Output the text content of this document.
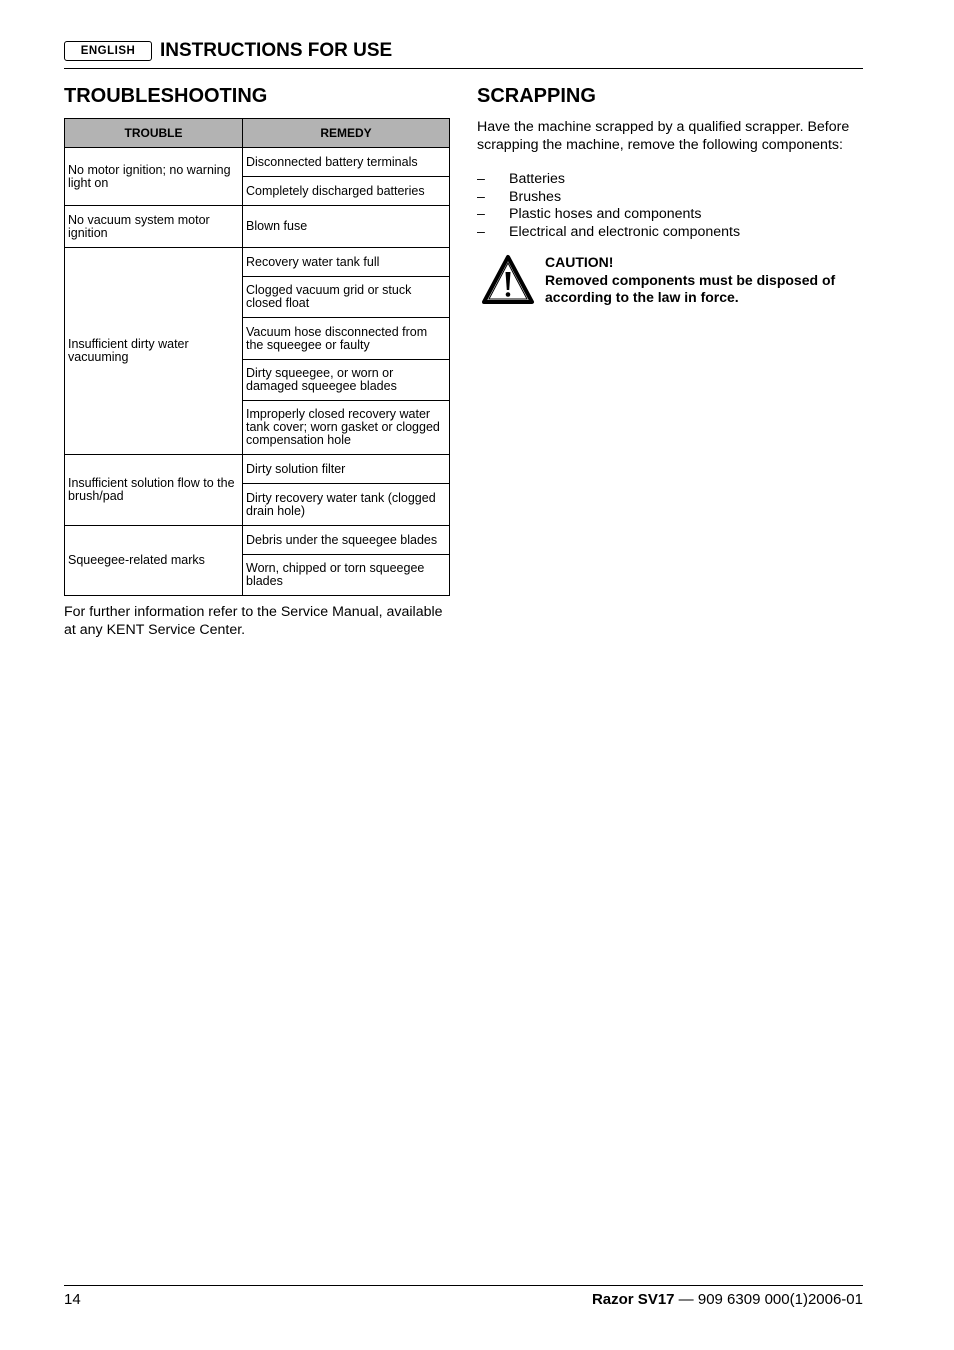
ENGLISH	INSTRUCTIONS FOR USE
TROUBLESHOOTING
TROUBLE	REMEDY
No motor ignition; no warning light on	Disconnected battery terminals
	Completely discharged batteries
No vacuum system motor ignition	Blown fuse
Insufficient dirty water vacuuming	Recovery water tank full
	Clogged vacuum grid or stuck closed float
	Vacuum hose disconnected from the squeegee or faulty
	Dirty squeegee, or worn or damaged squeegee blades
	Improperly closed recovery water tank cover; worn gasket or clogged compensation hole
Insufficient solution flow to the brush/pad	Dirty solution filter
	Dirty recovery water tank (clogged drain hole)
Squeegee-related marks	Debris under the squeegee blades
	Worn, chipped or torn squeegee blades
For further information refer to the Service Manual, available at any KENT Service Center.
SCRAPPING
Have the machine scrapped by a qualified scrapper. Before scrapping the machine, remove the following components:
– Batteries
– Brushes
– Plastic hoses and components
– Electrical and electronic components
CAUTION!
Removed components must be disposed of according to the law in force.
14	Razor SV17 — 909 6309 000(1)2006-01
